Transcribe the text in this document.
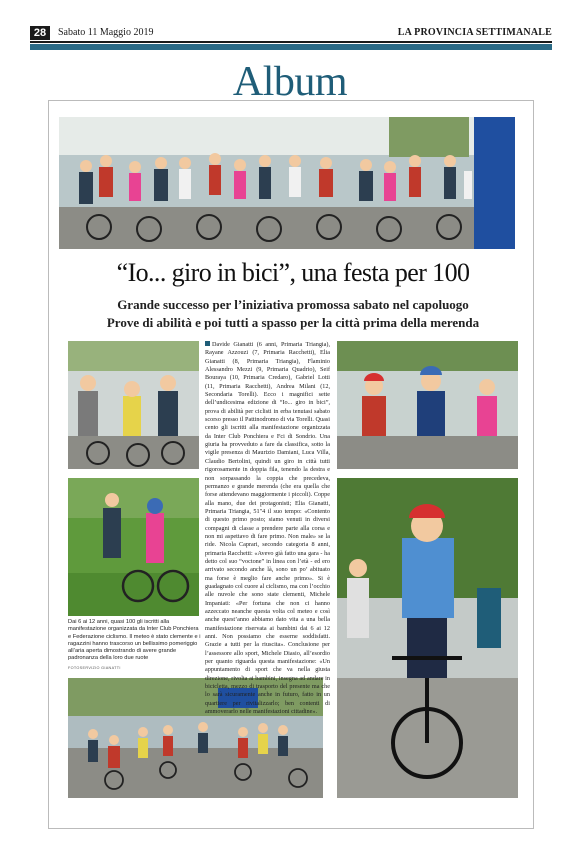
28	Sabato 11 Maggio 2019	LA PROVINCIA SETTIMANALE
Album
“Io... giro in bici”, una festa per 100
Grande successo per l’iniziativa promossa sabato nel capoluogo
Prove di abilità e poi tutti a spasso per la città prima della merenda
Dai 6 ai 12 anni, quasi 100 gli iscritti alla manifestazione organizzata da Inter Club Ponchiera e Federazione ciclismo. Il meteo è stato clemente e i ragazzini hanno trascorso un bellissimo pomeriggio all’aria aperta dimostrando di avere grande padronanza della loro due ruote
FOTOSERVIZIO GIANATTI
Davide Gianatti (6 anni, Primaria Triangia), Rayane Azzouzi (7, Primaria Racchetti), Elia Gianatti (8, Primaria Triangia), Flaminio Alessandro Mezzi (9, Primaria Quadrio), Seif Bouraya (10, Primaria Credaro), Gabriel Lotti (11, Primaria Racchetti), Andrea Milani (12, Secondaria Torelli). Ecco i magnifici sette dell’undicesima edizione di “Io... giro in bici”, prova di abilità per ciclisti in erba tenutasi sabato scorso presso il Pattinodromo di via Torelli. Quasi cento gli iscritti alla manifestazione organizzata da Inter Club Ponchiera e Fci di Sondrio. Una giuria ha provveduto a fare da classifica, sotto la vigile presenza di Maurizio Damiani, Luca Villa, Claudio Bertolini, quindi un giro in città tutti rigorosamente in doppia fila, tenendo la destra e non sorpassando la coppia che precedeva, permanzo e grande merenda (che era quella che forse attendevano maggiormente i piccoli). Coppe alla mano, due dei protagonisti; Elia Gianatti, Primaria Triangia, 51"4 il suo tempo: «Contento di questo primo posto; siamo venuti in diversi compagni di classe a prendere parte alla corsa e non mi aspettavo di fare primo. Non male» se la ride. Nicola Caprari, secondo categoria 8 anni, primaria Racchetti: «Avevo già fatto una gara - ha detto col suo “voctone” in linea con l’età - ed ero arrivato secondo anche là, sono un po’ abituato ma forse è meglio fare anche primo». Si è guadagnato col cuore al ciclismo, ma con l’occhio alle nuvole che sono state clementi, Michele Impaniati: «Per fortuna che non ci hanno azzeccato neanche questa volta col meteo e così anche quest’anno abbiamo dato vita a una bella manifestazione riservata ai bambini dai 6 ai 12 anni. Non possiamo che esserne soddisfatti. Grazie a tutti per la riuscita». Conclusione per l’assessore allo sport, Michele Diasio, all’esordio per quanto riguarda questa manifestazione: «Un appuntamento di sport che va nella giusta direzione, rivolta ai bambini, insegna ad andare in bicicletta, mezzo di trasporto del presente ma che lo sarà sicuramente anche in futuro, fatto in un quartiere per rivitalizzarlo; ben contenti di ammoverarlo nelle manifestazioni cittadine».
